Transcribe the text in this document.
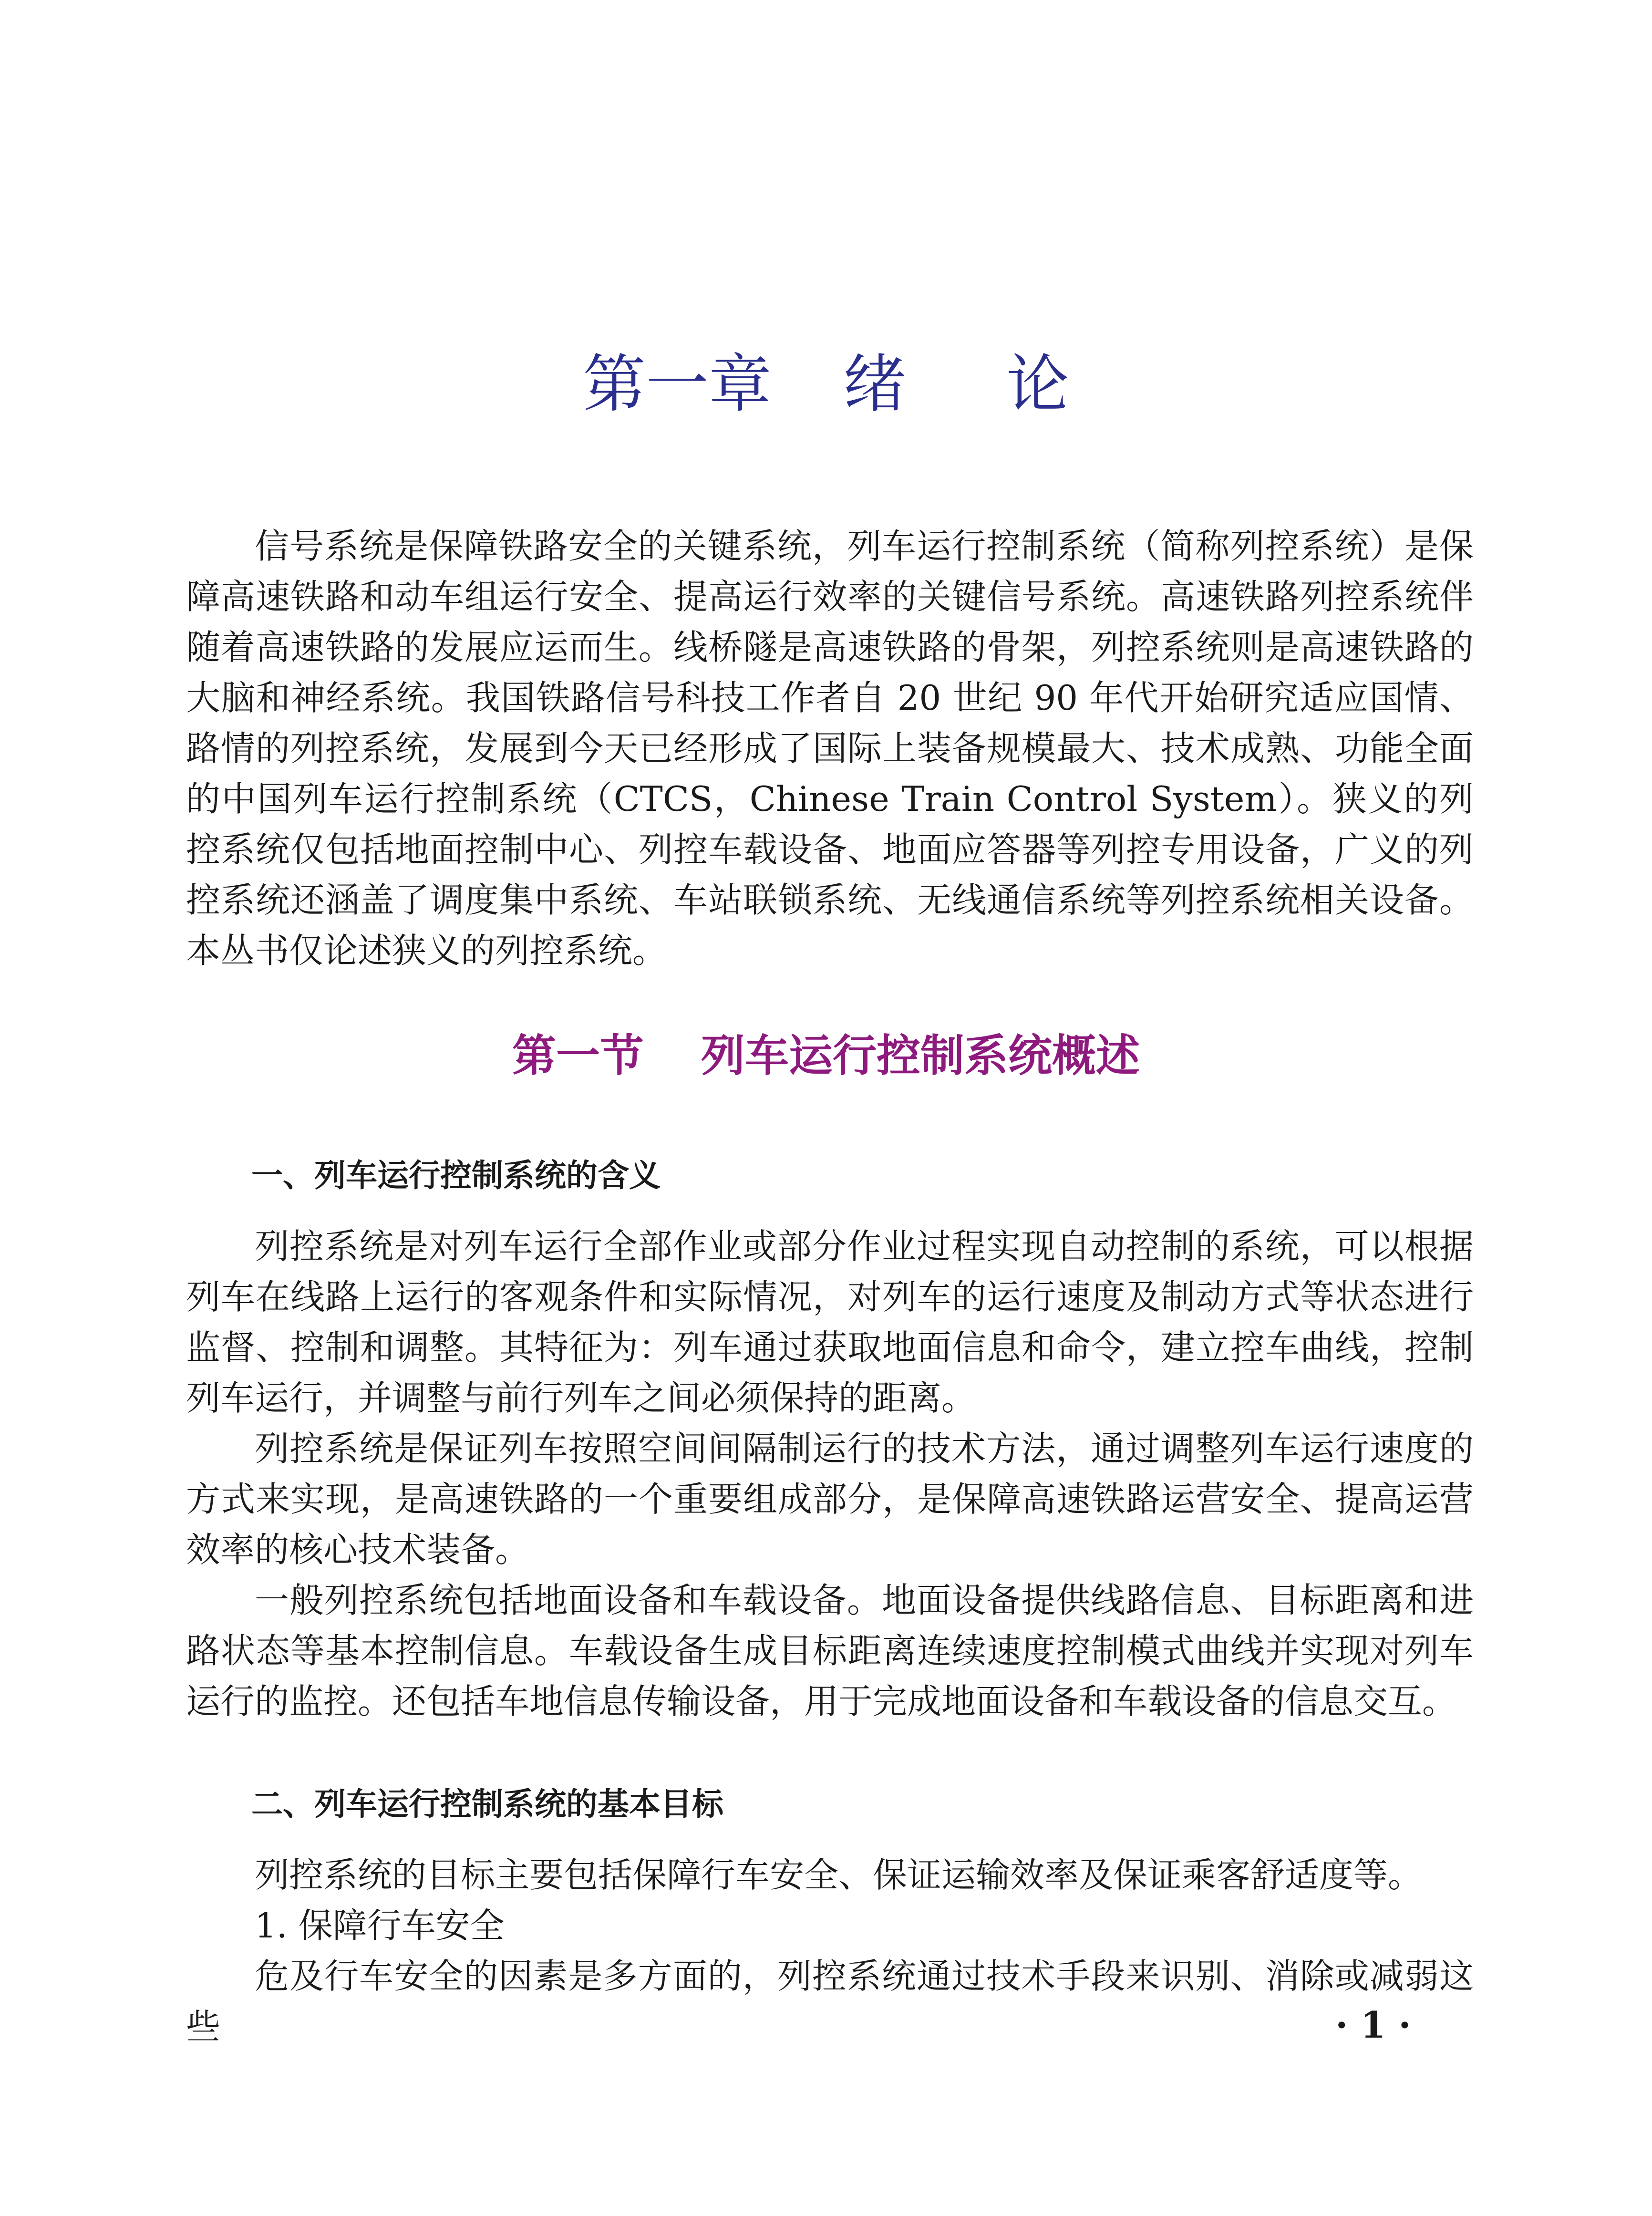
第一章 绪 论

信号系统是保障铁路安全的关键系统，列车运行控制系统（简称列控系统）是保障高速铁路和动车组运行安全、提高运行效率的关键信号系统。高速铁路列控系统伴随着高速铁路的发展应运而生。线桥隧是高速铁路的骨架，列控系统则是高速铁路的大脑和神经系统。我国铁路信号科技工作者自 20 世纪 90 年代开始研究适应国情、路情的列控系统，发展到今天已经形成了国际上装备规模最大、技术成熟、功能全面的中国列车运行控制系统（CTCS，Chinese Train Control System）。狭义的列控系统仅包括地面控制中心、列控车载设备、地面应答器等列控专用设备，广义的列控系统还涵盖了调度集中系统、车站联锁系统、无线通信系统等列控系统相关设备。本丛书仅论述狭义的列控系统。

第一节 列车运行控制系统概述
一、列车运行控制系统的含义

列控系统是对列车运行全部作业或部分作业过程实现自动控制的系统，可以根据列车在线路上运行的客观条件和实际情况，对列车的运行速度及制动方式等状态进行监督、控制和调整。其特征为：列车通过获取地面信息和命令，建立控车曲线，控制列车运行，并调整与前行列车之间必须保持的距离。

列控系统是保证列车按照空间间隔制运行的技术方法，通过调整列车运行速度的方式来实现，是高速铁路的一个重要组成部分，是保障高速铁路运营安全、提高运营效率的核心技术装备。

一般列控系统包括地面设备和车载设备。地面设备提供线路信息、目标距离和进路状态等基本控制信息。车载设备生成目标距离连续速度控制模式曲线并实现对列车运行的监控。还包括车地信息传输设备，用于完成地面设备和车载设备的信息交互。

二、列车运行控制系统的基本目标

列控系统的目标主要包括保障行车安全、保证运输效率及保证乘客舒适度等。

1. 保障行车安全

危及行车安全的因素是多方面的，列控系统通过技术手段来识别、消除或减弱这些	· 1 ·
